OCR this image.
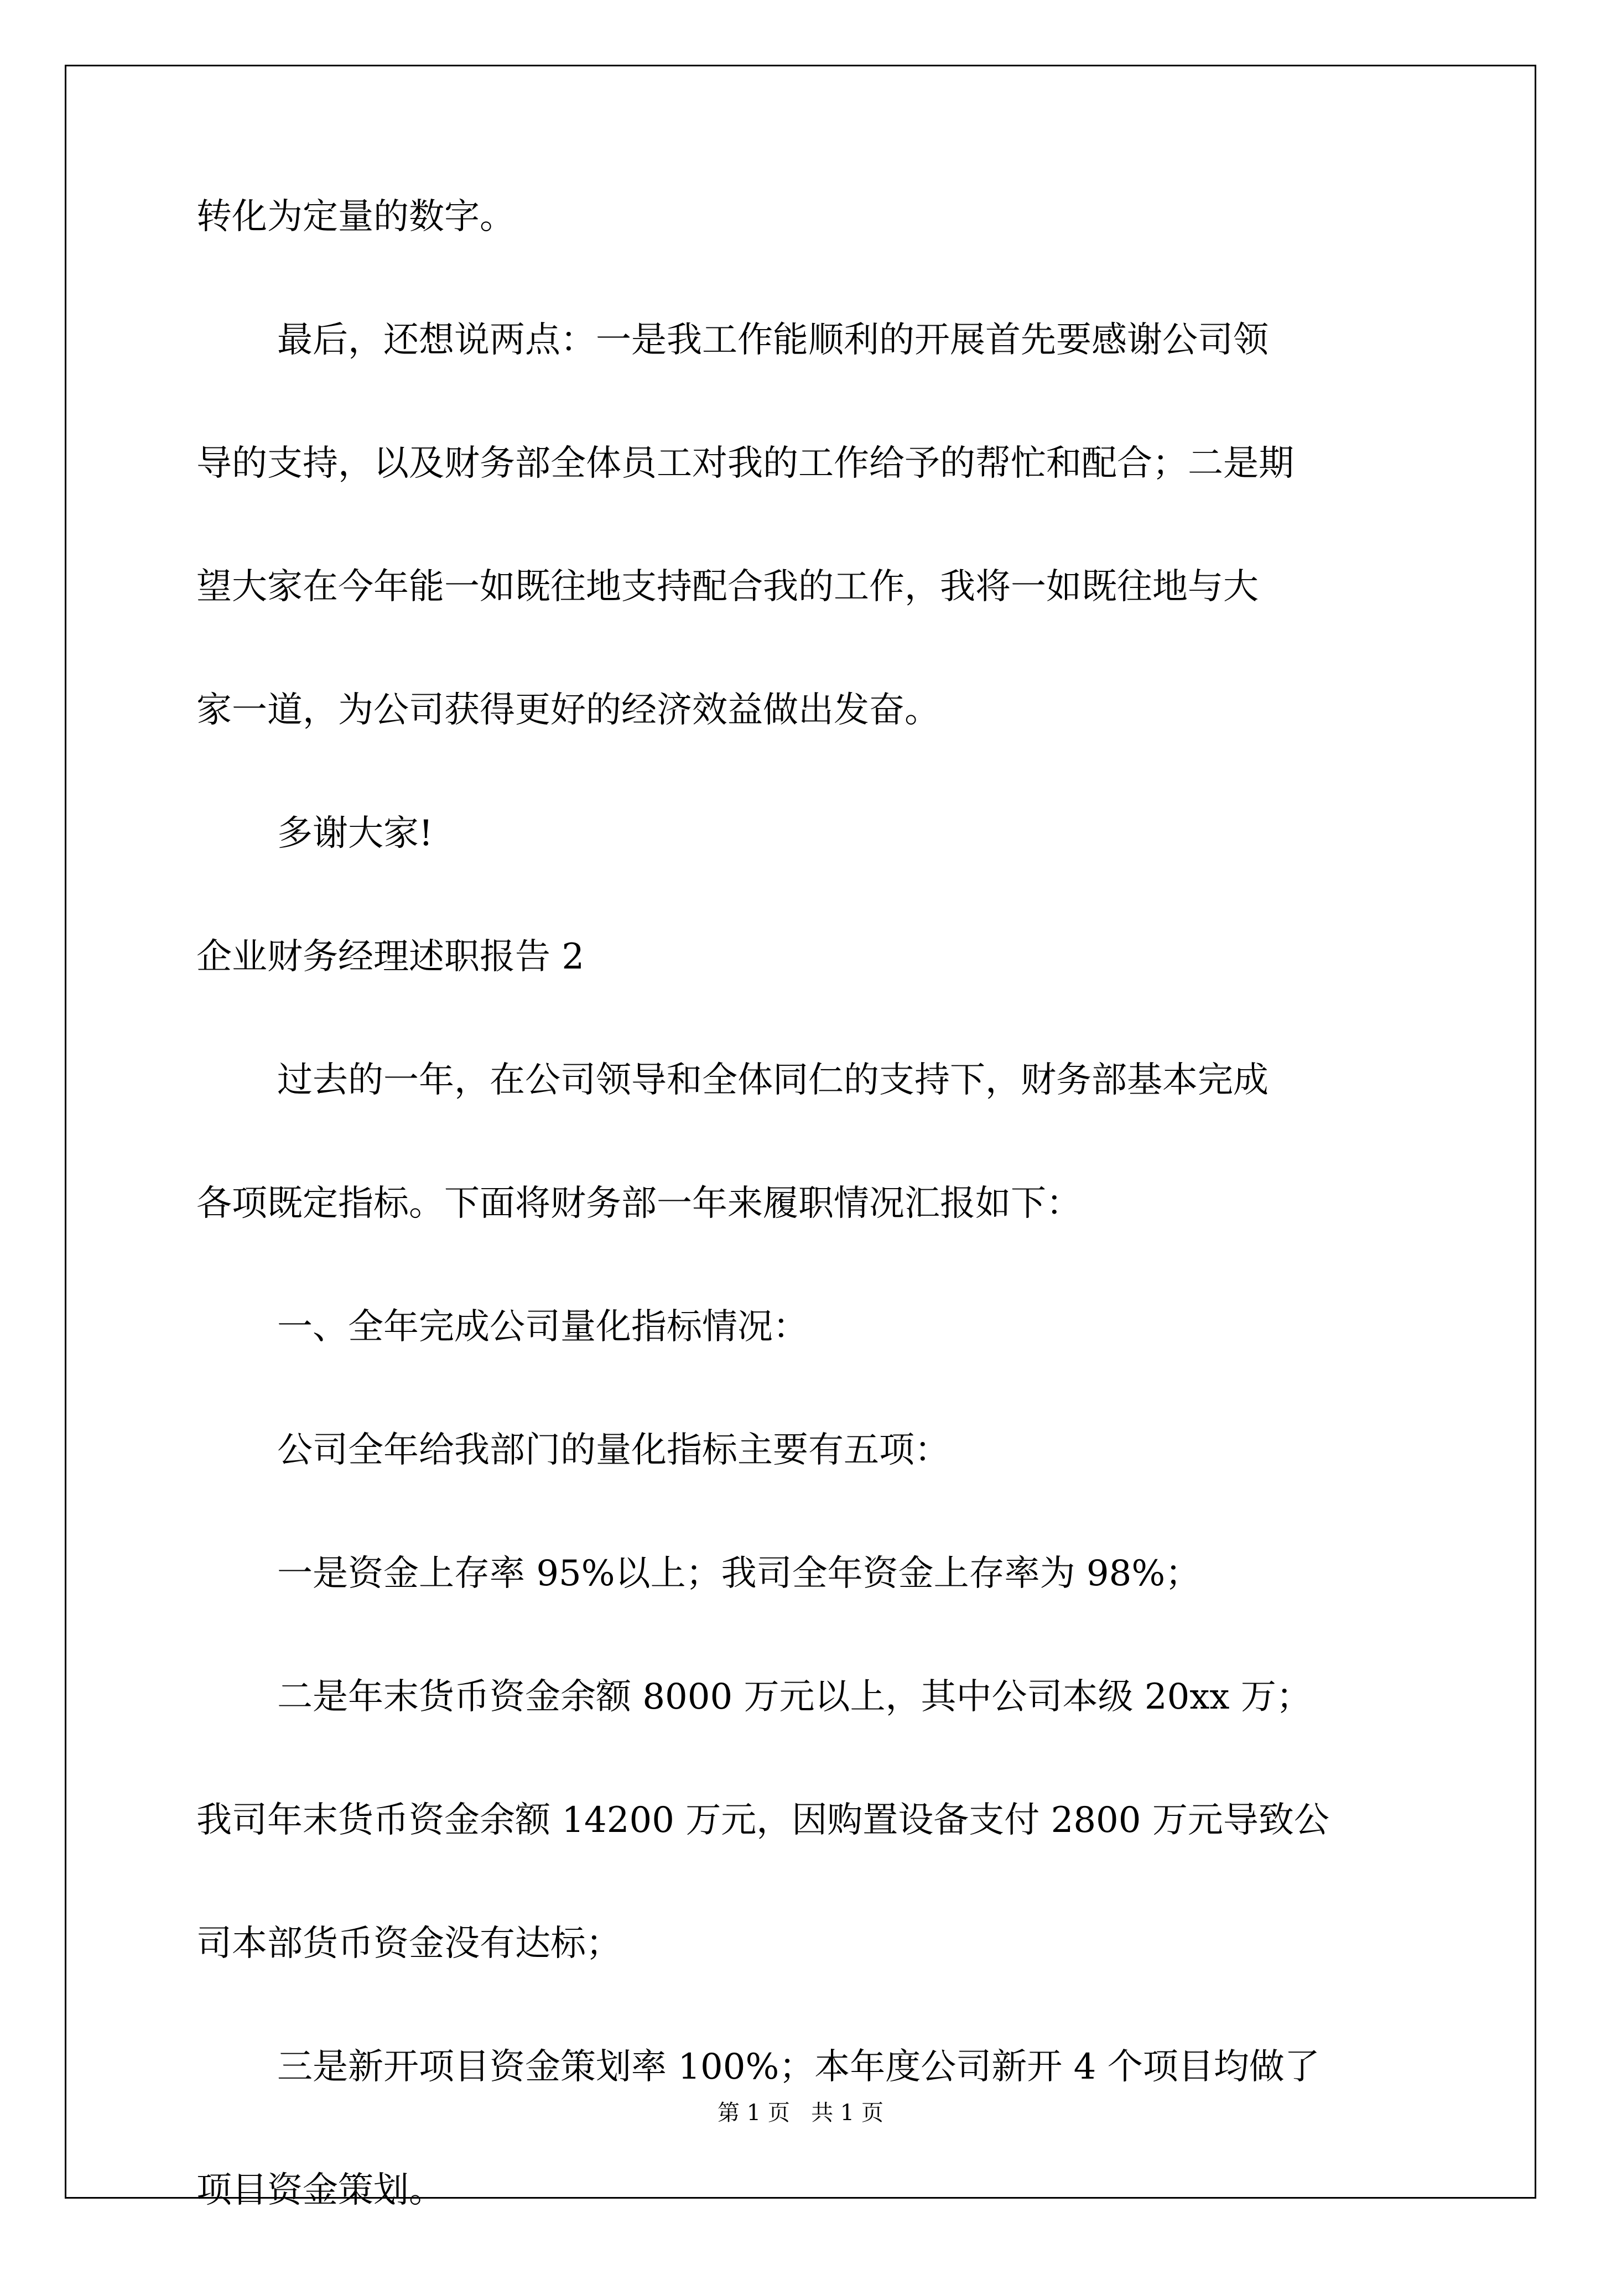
转化为定量的数字。

最后，还想说两点：一是我工作能顺利的开展首先要感谢公司领

导的支持，以及财务部全体员工对我的工作给予的帮忙和配合；二是期

望大家在今年能一如既往地支持配合我的工作，我将一如既往地与大

家一道，为公司获得更好的经济效益做出发奋。

多谢大家!

企业财务经理述职报告 2

过去的一年，在公司领导和全体同仁的支持下，财务部基本完成

各项既定指标。下面将财务部一年来履职情况汇报如下：

一、全年完成公司量化指标情况：

公司全年给我部门的量化指标主要有五项：

一是资金上存率 95%以上；我司全年资金上存率为 98%；

二是年末货币资金余额 8000 万元以上，其中公司本级 20xx 万；

我司年末货币资金余额 14200 万元，因购置设备支付 2800 万元导致公

司本部货币资金没有达标；

三是新开项目资金策划率 100%；本年度公司新开 4 个项目均做了

项目资金策划。

第 1 页   共 1 页
